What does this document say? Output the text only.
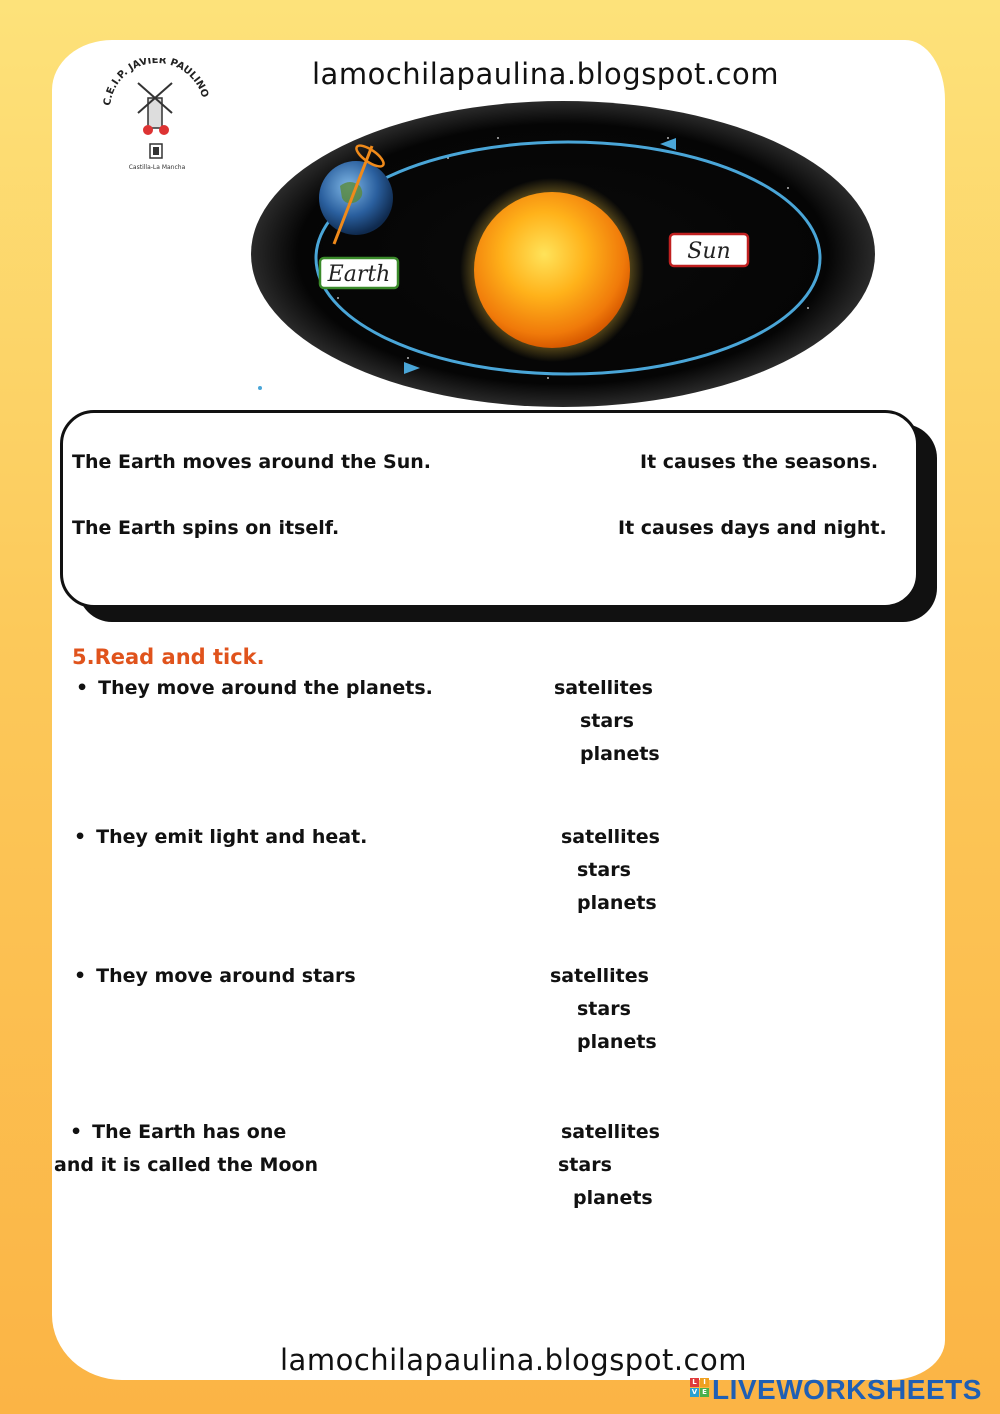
C.E.I.P. JAVIER PAULINO
Castilla-La Mancha
lamochilapaulina.blogspot.com
Earth
Sun
The Earth moves around the Sun.	It causes the seasons.
The Earth spins on itself.	It causes days and night.
5.Read and tick.
• They move around the planets.	satellites
stars
planets
• They emit light and heat.	satellites
stars
planets
• They move around stars	satellites
stars
planets
• The Earth has one
and it is called the Moon
satellites
stars
planets
lamochilapaulina.blogspot.com
L I
V E LIVEWORKSHEETS
